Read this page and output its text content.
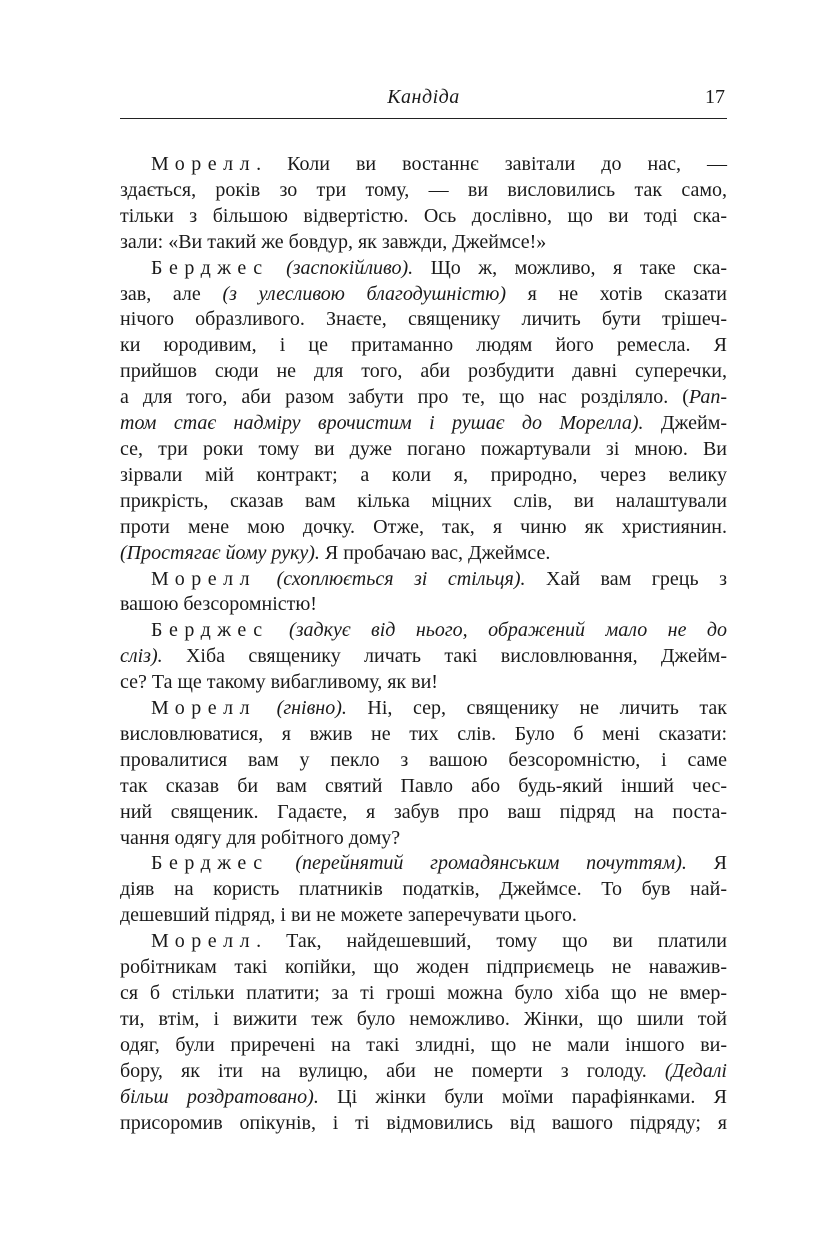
Кандіда	17
Морелл. Коли ви востаннє завітали до нас, —
здається, років зо три тому, — ви висловились так само,
тільки з більшою відвертістю. Ось дослівно, що ви тоді ска-
зали: «Ви такий же бовдур, як завжди, Джеймсе!»
Берджес (заспокійливо). Що ж, можливо, я таке ска-
зав, але (з улесливою благодушністю) я не хотів сказати
нічого образливого. Знаєте, священику личить бути трішеч-
ки юродивим, і це притаманно людям його ремесла. Я
прийшов сюди не для того, аби розбудити давні суперечки,
а для того, аби разом забути про те, що нас розділяло. (Рап-
том стає надміру врочистим і рушає до Морелла). Джейм-
се, три роки тому ви дуже погано пожартували зі мною. Ви
зірвали мій контракт; а коли я, природно, через велику
прикрість, сказав вам кілька міцних слів, ви налаштували
проти мене мою дочку. Отже, так, я чиню як християнин.
(Простягає йому руку). Я пробачаю вас, Джеймсе.
Морелл (схоплюється зі стільця). Хай вам грець з
вашою безсоромністю!
Берджес (задкує від нього, ображений мало не до
сліз). Хіба священику личать такі висловлювання, Джейм-
се? Та ще такому вибагливому, як ви!
Морелл (гнівно). Ні, сер, священику не личить так
висловлюватися, я вжив не тих слів. Було б мені сказати:
провалитися вам у пекло з вашою безсоромністю, і саме
так сказав би вам святий Павло або будь-який інший чес-
ний священик. Гадаєте, я забув про ваш підряд на поста-
чання одягу для робітного дому?
Берджес (перейнятий громадянським почуттям). Я
діяв на користь платників податків, Джеймсе. То був най-
дешевший підряд, і ви не можете заперечувати цього.
Морелл. Так, найдешевший, тому що ви платили
робітникам такі копійки, що жоден підприємець не наважив-
ся б стільки платити; за ті гроші можна було хіба що не вмер-
ти, втім, і вижити теж було неможливо. Жінки, що шили той
одяг, були приречені на такі злидні, що не мали іншого ви-
бору, як іти на вулицю, аби не померти з голоду. (Дедалі
більш роздратовано). Ці жінки були моїми парафіянками. Я
присоромив опікунів, і ті відмовились від вашого підряду; я
